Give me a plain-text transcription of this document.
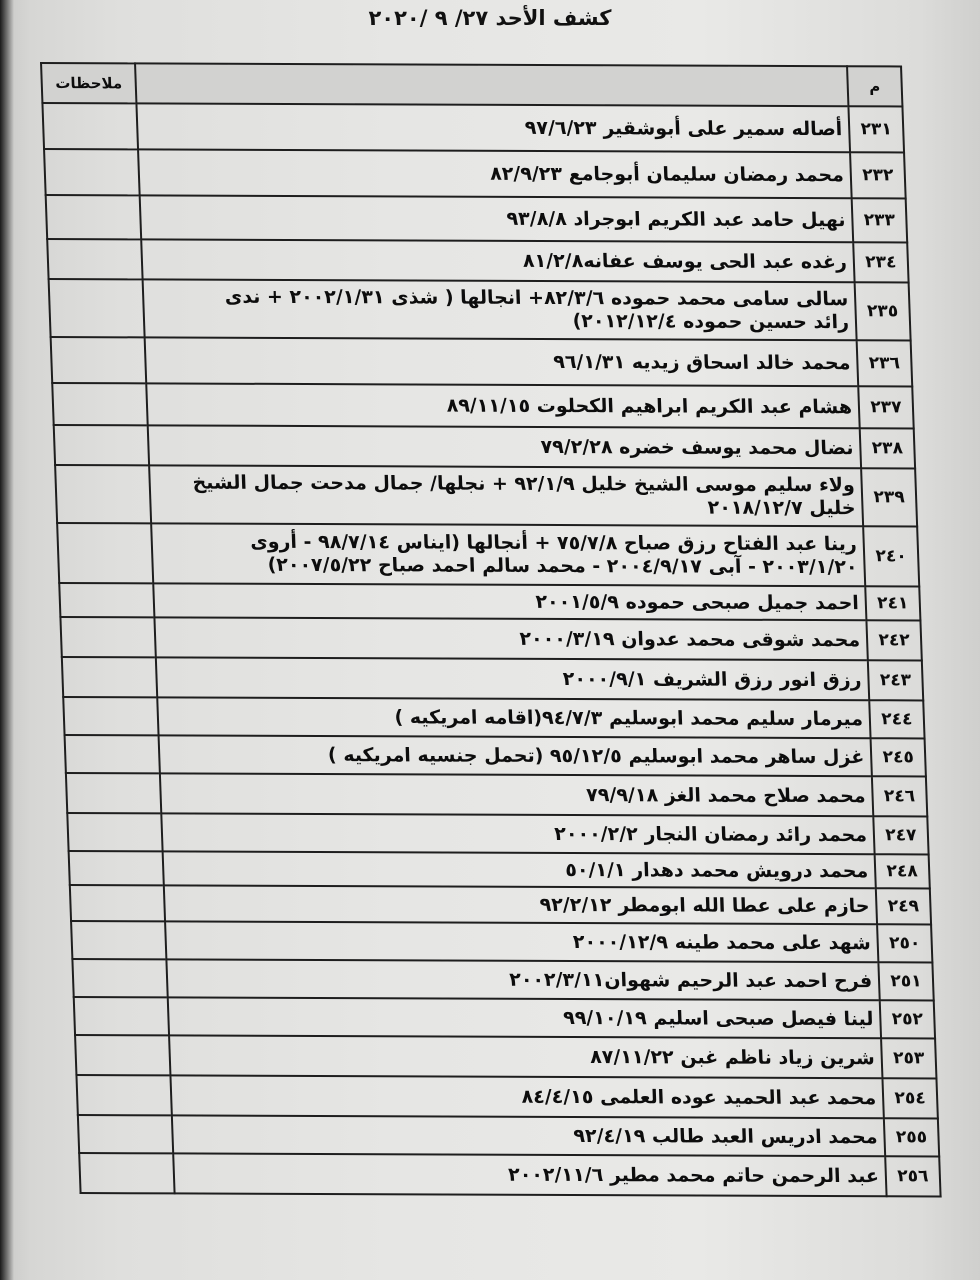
كشف الأحد ٢٧/ ٩ /٢٠٢٠
م		ملاحظات
٢٣١	أصاله سمير على أبوشقير ٩٧/٦/٢٣	

٢٣٢	محمد رمضان سليمان أبوجامع ٨٢/٩/٢٣	

٢٣٣	نهيل حامد عبد الكريم ابوجراد ٩٣/٨/٨	

٢٣٤	رغده عبد الحى يوسف عفانه٨١/٢/٨	

٢٣٥	سالى سامى محمد حموده ٨٢/٣/٦+ انجالها ( شذى ٢٠٠٢/١/٣١ + ندى
رائد حسين حموده ٢٠١٢/١٢/٤)	

٢٣٦	محمد خالد اسحاق زيديه ٩٦/١/٣١	

٢٣٧	هشام عبد الكريم ابراهيم الكحلوت ٨٩/١١/١٥	

٢٣٨	نضال محمد يوسف خضره ٧٩/٢/٢٨	

٢٣٩	ولاء سليم موسى الشيخ خليل ٩٢/١/٩ + نجلها/ جمال مدحت جمال الشيخ
خليل ٢٠١٨/١٢/٧	

٢٤٠	رينا عبد الفتاح رزق صباح ٧٥/٧/٨ + أنجالها (ايناس ٩٨/٧/١٤ - أروى
٢٠٠٣/١/٢٠ - آبى ٢٠٠٤/٩/١٧ - محمد سالم احمد صباح ٢٠٠٧/٥/٢٢)	

٢٤١	احمد جميل صبحى حموده ٢٠٠١/٥/٩	

٢٤٢	محمد شوقى محمد عدوان ٢٠٠٠/٣/١٩	

٢٤٣	رزق انور رزق الشريف ٢٠٠٠/٩/١	

٢٤٤	ميرمار سليم محمد ابوسليم ٩٤/٧/٣(اقامه امريكيه )	

٢٤٥	غزل ساهر محمد ابوسليم ٩٥/١٢/٥ (تحمل جنسيه امريكيه )	

٢٤٦	محمد صلاح محمد الغز ٧٩/٩/١٨	

٢٤٧	محمد رائد رمضان النجار ٢٠٠٠/٢/٢	

٢٤٨	محمد درويش محمد دهدار ٥٠/١/١	

٢٤٩	حازم على عطا الله ابومطر ٩٢/٢/١٢	

٢٥٠	شهد على محمد طينه ٢٠٠٠/١٢/٩	

٢٥١	فرح احمد عبد الرحيم شهوان٢٠٠٢/٣/١١	

٢٥٢	لينا فيصل صبحى اسليم ٩٩/١٠/١٩	

٢٥٣	شرين زياد ناظم غبن ٨٧/١١/٢٢	

٢٥٤	محمد عبد الحميد عوده العلمى ٨٤/٤/١٥	

٢٥٥	محمد ادريس العبد طالب ٩٢/٤/١٩	

٢٥٦	عبد الرحمن حاتم محمد مطير ٢٠٠٢/١١/٦	
